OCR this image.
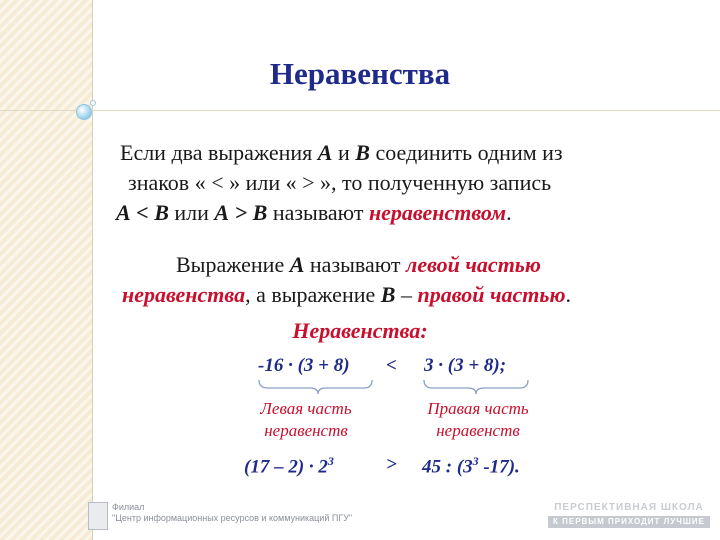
Неравенства
Если два выражения А и В соединить одним из
знаков « < » или « > », то полученную запись
А < В или А > В называют неравенством.
Выражение А называют левой частью
неравенства, а выражение В – правой частью.
Неравенства:
-16 · (3 + 8) < 3 · (3 + 8);
Левая часть
неравенств
Правая часть
неравенств
$(17 - 2) \cdot 2^3$	> 45 : ($3^3$ -17).
Филиал
"Центр информационных ресурсов и коммуникаций ПГУ"
ПЕРСПЕКТИВНАЯ ШКОЛА
К ПЕРВЫМ ПРИХОДИТ ЛУЧШИЕ
